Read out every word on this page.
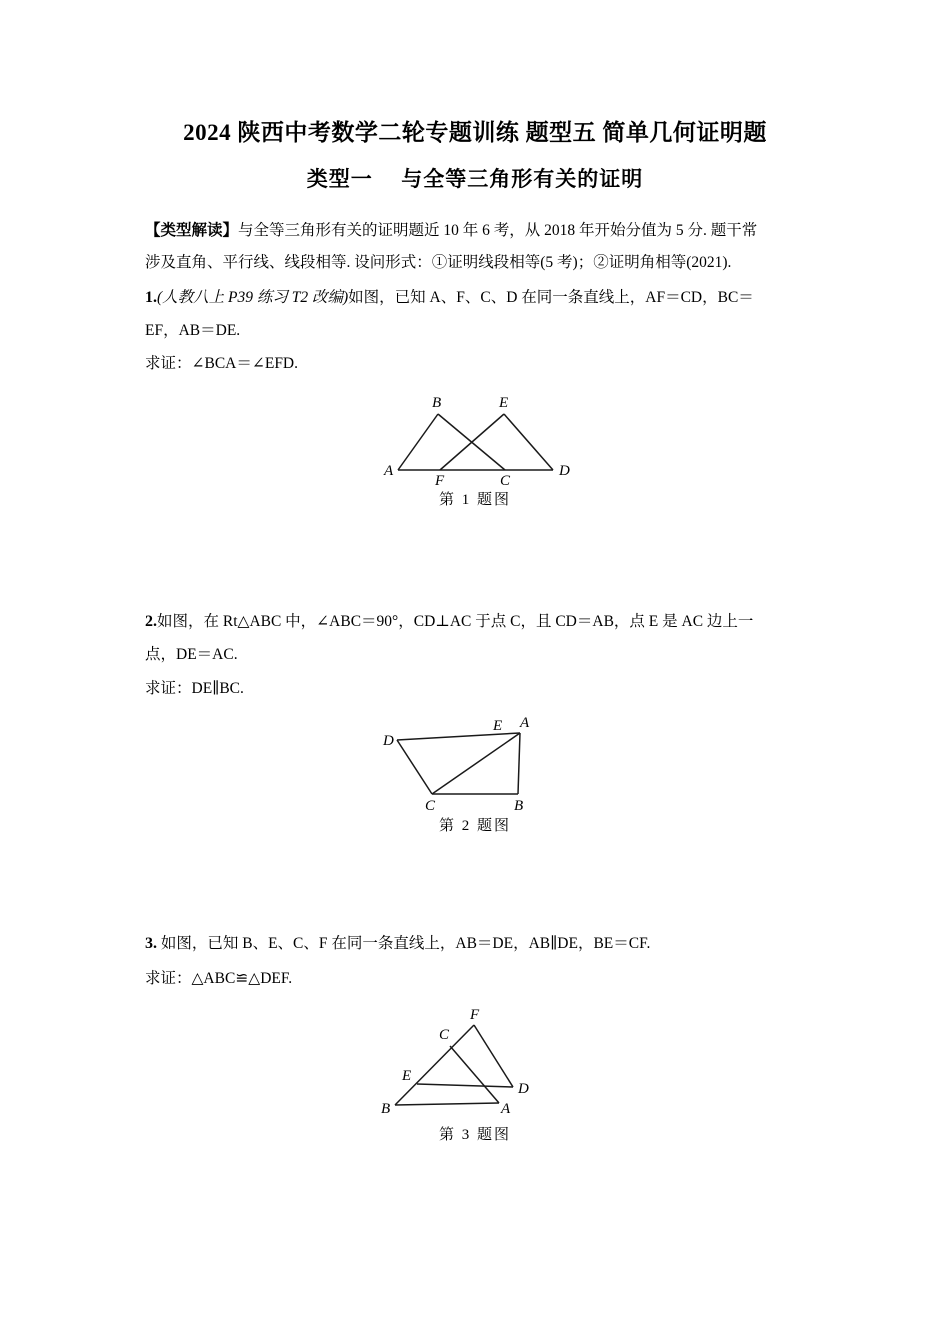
2024 陕西中考数学二轮专题训练 题型五 简单几何证明题
类型一 与全等三角形有关的证明

【类型解读】与全等三角形有关的证明题近 10 年 6 考，从 2018 年开始分值为 5 分. 题干常

涉及直角、平行线、线段相等. 设问形式：①证明线段相等(5 考)；②证明角相等(2021).

1.(人教八上 P39 练习 T2 改编)如图，已知 A、F、C、D 在同一条直线上，AF＝CD，BC＝

EF，AB＝DE.

求证：∠BCA＝∠EFD.

A
B
F	C
E
D

第 1 题图

2.如图，在 Rt△ABC 中，∠ABC＝90°，CD⊥AC 于点 C，且 CD＝AB，点 E 是 AC 边上一

点，DE＝AC.

求证：DE∥BC.

D
E A
C	B

第 2 题图

3. 如图，已知 B、E、C、F 在同一条直线上，AB＝DE，AB∥DE，BE＝CF.

求证：△ABC≌△DEF.

B	A
C
E
D
F

第 3 题图
